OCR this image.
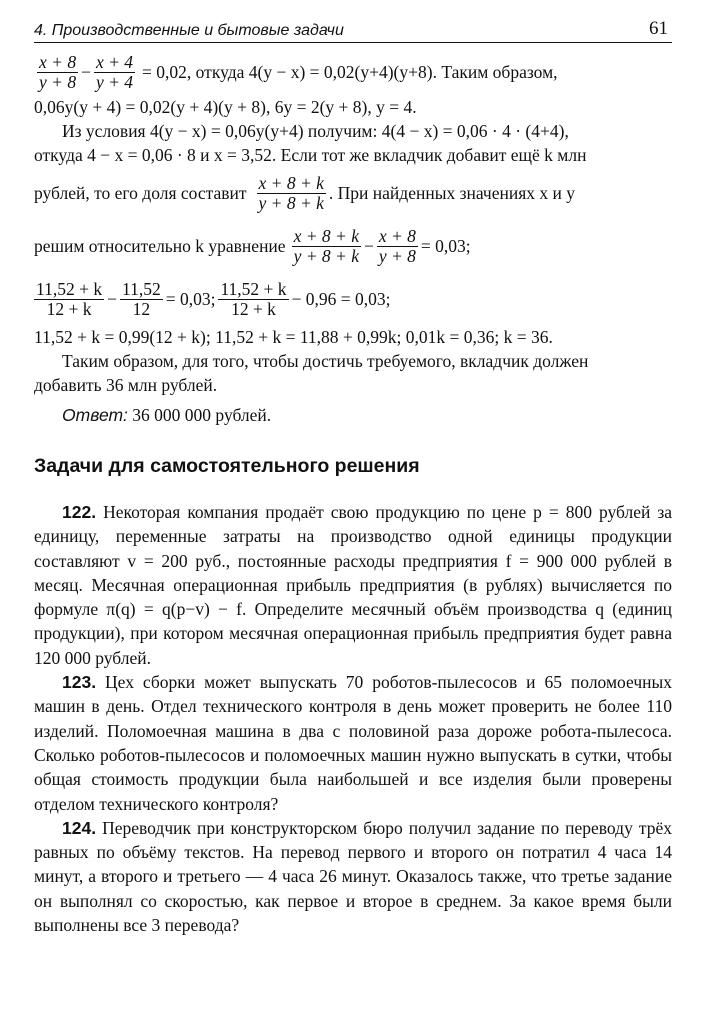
4. Производственные и бытовые задачи	61
$\frac{x + 8}{y + 8} - \frac{x + 4}{y + 4} = 0,02$, откуда 4(y − x) = 0,02(y+4)(y+8). Таким образом,
0,06y(y + 4) = 0,02(y + 4)(y + 8), 6y = 2(y + 8), y = 4.
Из условия 4(y − x) = 0,06y(y+4) получим: 4(4 − x) = 0,06 · 4 · (4+4),
откуда 4 − x = 0,06 · 8 и x = 3,52. Если тот же вкладчик добавит ещё k млн
рублей, то его доля составит $\frac{x + 8 + k}{y + 8 + k}$ . При найденных значениях x и y
решим относительно k уравнение $\frac{x + 8 + k}{y + 8 + k} - \frac{x + 8}{y + 8} = 0,03$;
$\frac{11,52 + k}{12 + k} - \frac{11,52}{12} = 0,03$; $\frac{11,52 + k}{12 + k} - 0,96 = 0,03$;
11,52 + k = 0,99(12 + k); 11,52 + k = 11,88 + 0,99k; 0,01k = 0,36; k = 36.
Таким образом, для того, чтобы достичь требуемого, вкладчик должен
добавить 36 млн рублей.
Ответ: 36 000 000 рублей.
Задачи для самостоятельного решения

122. Некоторая компания продаёт свою продукцию по цене p = 800 рублей за единицу, переменные затраты на производство одной единицы продукции составляют v = 200 руб., постоянные расходы предприятия f = 900 000 рублей в месяц. Месячная операционная прибыль предприятия (в рублях) вычисляется по формуле π(q) = q(p−v) − f. Определите месячный объём производства q (единиц продукции), при котором месячная операционная прибыль предприятия будет равна 120 000 рублей.

123. Цех сборки может выпускать 70 роботов-пылесосов и 65 поломоечных машин в день. Отдел технического контроля в день может проверить не более 110 изделий. Поломоечная машина в два с половиной раза дороже робота-пылесоса. Сколько роботов-пылесосов и поломоечных машин нужно выпускать в сутки, чтобы общая стоимость продукции была наибольшей и все изделия были проверены отделом технического контроля?

124. Переводчик при конструкторском бюро получил задание по переводу трёх равных по объёму текстов. На перевод первого и второго он потратил 4 часа 14 минут, а второго и третьего — 4 часа 26 минут. Оказалось также, что третье задание он выполнял со скоростью, как первое и второе в среднем. За какое время были выполнены все 3 перевода?
